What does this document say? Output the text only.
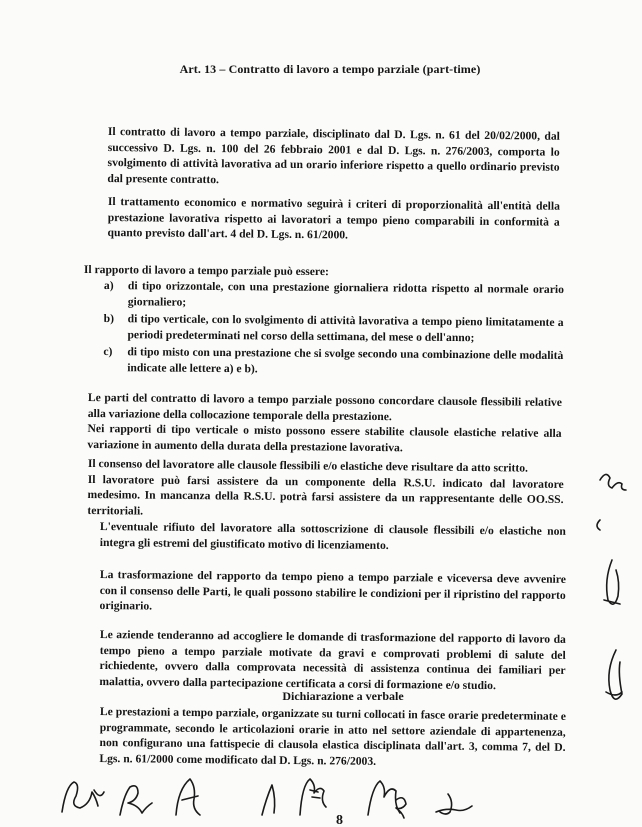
Art. 13 – Contratto di lavoro a tempo parziale (part-time)

Il contratto di lavoro a tempo parziale, disciplinato dal D. Lgs. n. 61 del 20/02/2000, dal successivo D. Lgs. n. 100 del 26 febbraio 2001 e dal D. Lgs. n. 276/2003, comporta lo svolgimento di attività lavorativa ad un orario inferiore rispetto a quello ordinario previsto dal presente contratto.

Il trattamento economico e normativo seguirà i criteri di proporzionalità all'entità della prestazione lavorativa rispetto ai lavoratori a tempo pieno comparabili in conformità a quanto previsto dall'art. 4 del D. Lgs. n. 61/2000.

Il rapporto di lavoro a tempo parziale può essere:
a)	di tipo orizzontale, con una prestazione giornaliera ridotta rispetto al normale orario giornaliero;
b)	di tipo verticale, con lo svolgimento di attività lavorativa a tempo pieno limitatamente a periodi predeterminati nel corso della settimana, del mese o dell'anno;
c)	di tipo misto con una prestazione che si svolge secondo una combinazione delle modalità indicate alle lettere a) e b).

Le parti del contratto di lavoro a tempo parziale possono concordare clausole flessibili relative alla variazione della collocazione temporale della prestazione.

Nei rapporti di tipo verticale o misto possono essere stabilite clausole elastiche relative alla variazione in aumento della durata della prestazione lavorativa.

Il consenso del lavoratore alle clausole flessibili e/o elastiche deve risultare da atto scritto.

Il lavoratore può farsi assistere da un componente della R.S.U. indicato dal lavoratore medesimo. In mancanza della R.S.U. potrà farsi assistere da un rappresentante delle OO.SS. territoriali.

L'eventuale rifiuto del lavoratore alla sottoscrizione di clausole flessibili e/o elastiche non integra gli estremi del giustificato motivo di licenziamento.

La trasformazione del rapporto da tempo pieno a tempo parziale e viceversa deve avvenire con il consenso delle Parti, le quali possono stabilire le condizioni per il ripristino del rapporto originario.

Le aziende tenderanno ad accogliere le domande di trasformazione del rapporto di lavoro da tempo pieno a tempo parziale motivate da gravi e comprovati problemi di salute del richiedente, ovvero dalla comprovata necessità di assistenza continua dei familiari per malattia, ovvero dalla partecipazione certificata a corsi di formazione e/o studio.

Dichiarazione a verbale

Le prestazioni a tempo parziale, organizzate su turni collocati in fasce orarie predeterminate e programmate, secondo le articolazioni orarie in atto nel settore aziendale di appartenenza, non configurano una fattispecie di clausola elastica disciplinata dall'art. 3, comma 7, del D. Lgs. n. 61/2000 come modificato dal D. Lgs. n. 276/2003.

8
